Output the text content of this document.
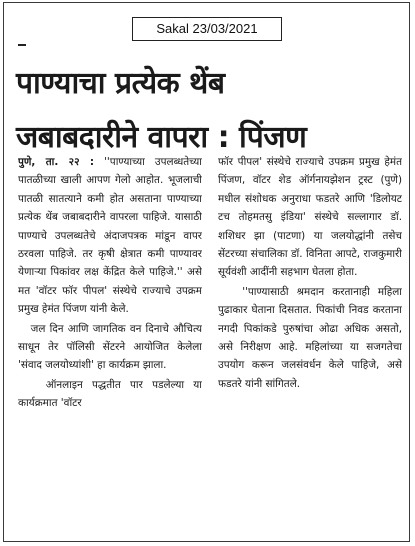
Sakal 23/03/2021
पाण्याचा प्रत्येक थेंब
जबाबदारीने वापरा : पिंजण

पुणे, ता. २२ : ''पाण्याच्या उपलब्धतेच्या पातळीच्या खाली आपण गेलो आहोत. भूजलाची पातळी सातत्याने कमी होत असताना पाण्याच्या प्रत्येक थेंब जबाबदारीने वापरला पाहिजे. यासाठी पाण्याचे उपलब्धतेचे अंदाजपत्रक मांडून वापर ठरवला पाहिजे. तर कृषी क्षेत्रात कमी पाण्यावर येणाऱ्या पिकांवर लक्ष केंद्रित केले पाहिजे.'' असे मत 'वॉटर फॉर पीपल' संस्थेचे राज्याचे उपक्रम प्रमुख हेमंत पिंजण यांनी केले.

जल दिन आणि जागतिक वन दिनाचे औचित्य साधून तेर पॉलिसी सेंटरने आयोजित केलेला 'संवाद जलयोध्यांशी' हा कार्यक्रम झाला.

ऑनलाइन पद्धतीत पार पडलेल्या या कार्यक्रमात 'वॉटर

फॉर पीपल' संस्थेचे राज्याचे उपक्रम प्रमुख हेमंत पिंजण, वॉटर शेड ऑर्गनायझेशन ट्रस्ट (पुणे) मधील संशोधक अनुराधा फडतरे आणि 'डिलोयट टच तोहमतसु इंडिया' संस्थेचे सल्लागार डॉ. शशिधर झा (पाटणा) या जलयोद्धांनी तसेच सेंटरच्या संचालिका डॉ. विनिता आपटे, राजकुमारी सूर्यवंशी आदींनी सहभाग घेतला होता.

''पाण्यासाठी श्रमदान करतानाही महिला पुढाकार घेताना दिसतात. पिकांची निवड करताना नगदी पिकांकडे पुरुषांचा ओढा अधिक असतो, असे निरीक्षण आहे. महिलांच्या या सजगतेचा उपयोग करून जलसंवर्धन केले पाहिजे, असे फडतरे यांनी सांगितले.
